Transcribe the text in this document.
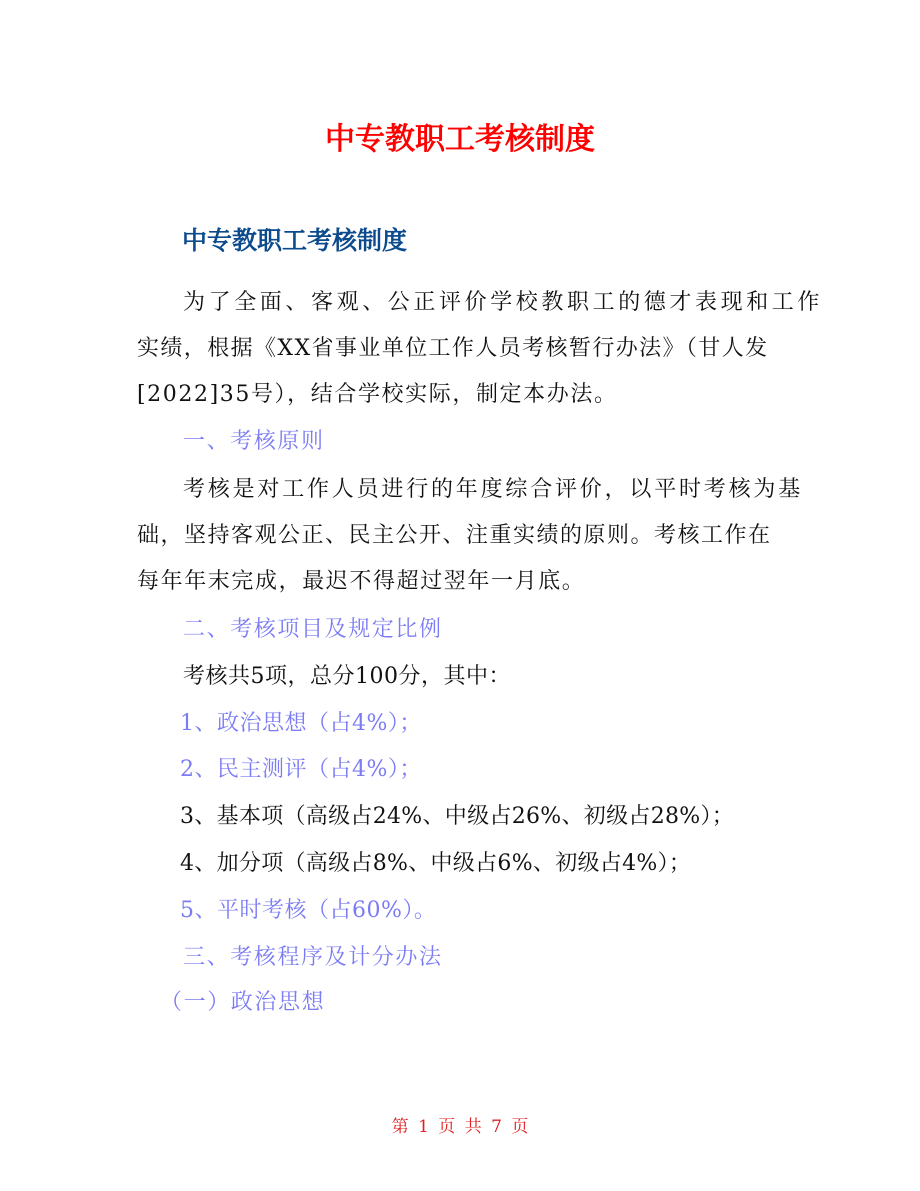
中专教职工考核制度
中专教职工考核制度
为了全面、客观、公正评价学校教职工的德才表现和工作
实绩，根据《XX省事业单位工作人员考核暂行办法》（甘人发
[2022]35号），结合学校实际，制定本办法。
一、考核原则
考核是对工作人员进行的年度综合评价，以平时考核为基
础，坚持客观公正、民主公开、注重实绩的原则。考核工作在
每年年末完成，最迟不得超过翌年一月底。
二、考核项目及规定比例
考核共5项，总分100分，其中：
1、政治思想（占4%）；
2、民主测评（占4%）；
3、基本项（高级占24%、中级占26%、初级占28%）；
4、加分项（高级占8%、中级占6%、初级占4%）；
5、平时考核（占60%）。
三、考核程序及计分办法
（一）政治思想
第 1 页 共 7 页
